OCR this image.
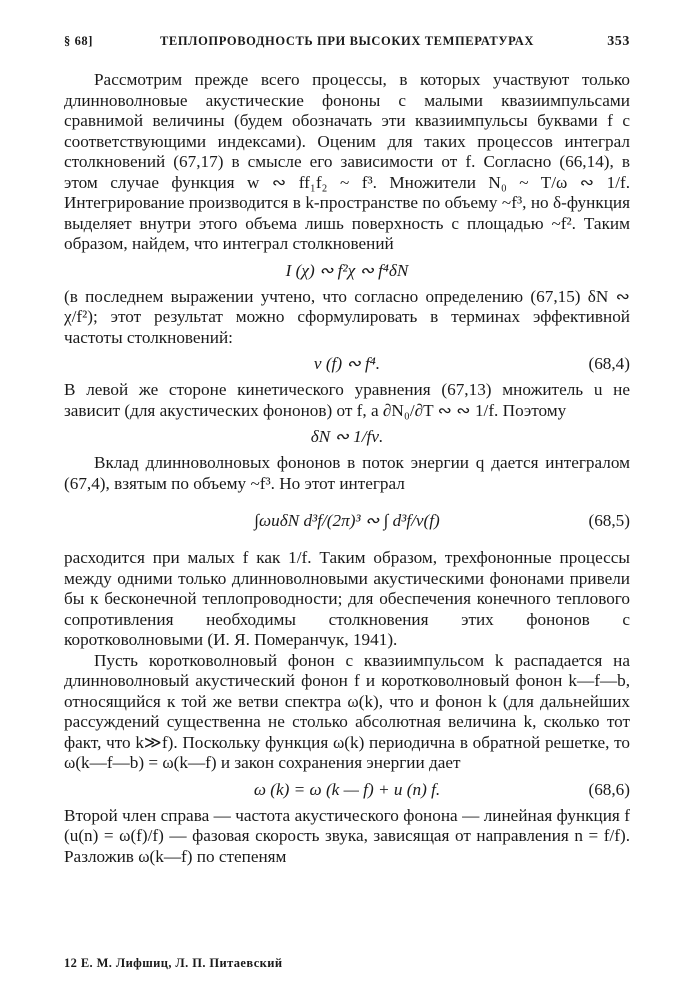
§ 68]	ТЕПЛОПРОВОДНОСТЬ ПРИ ВЫСОКИХ ТЕМПЕРАТУРАХ	353

Рассмотрим прежде всего процессы, в которых участвуют только длинноволновые акустические фононы с малыми квазиимпульсами сравнимой величины (будем обозначать эти квазиимпульсы буквами f с соответствующими индексами). Оценим для таких процессов интеграл столкновений (67,17) в смысле его зависимости от f. Согласно (66,14), в этом случае функция w ∾ ff₁f₂ ~ f³. Множители N₀ ~ T/ω ∾ 1/f. Интегрирование производится в k-пространстве по объему ~f³, но δ-функция выделяет внутри этого объема лишь поверхность с площадью ~f². Таким образом, найдем, что интеграл столкновений

I (χ) ∾ f²χ ∾ f⁴δN

(в последнем выражении учтено, что согласно определению (67,15) δN ∾ χ/f²); этот результат можно сформулировать в терминах эффективной частоты столкновений:

ν (f) ∾ f⁴.	(68,4)

В левой же стороне кинетического уравнения (67,13) множитель u не зависит (для акустических фононов) от f, а ∂N₀/∂T ∾ ∾ 1/f. Поэтому

δN ∾ 1/fν.

Вклад длинноволновых фононов в поток энергии q дается интегралом (67,4), взятым по объему ~f³. Но этот интеграл

∫ωuδN d³f/(2π)³ ∾ ∫ d³f/ν(f)	(68,5)

расходится при малых f как 1/f. Таким образом, трехфононные процессы между одними только длинноволновыми акустическими фононами привели бы к бесконечной теплопроводности; для обеспечения конечного теплового сопротивления необходимы столкновения этих фононов с коротковолновыми (И. Я. Померанчук, 1941).

Пусть коротковолновый фонон с квазиимпульсом k распадается на длинноволновый акустический фонон f и коротковолновый фонон k—f—b, относящийся к той же ветви спектра ω(k), что и фонон k (для дальнейших рассуждений существенна не столько абсолютная величина k, сколько тот факт, что k≫f). Поскольку функция ω(k) периодична в обратной решетке, то ω(k—f—b) = ω(k—f) и закон сохранения энергии дает

ω (k) = ω (k — f) + u (n) f.	(68,6)

Второй член справа — частота акустического фонона — линейная функция f (u(n) = ω(f)/f) — фазовая скорость звука, зависящая от направления n = f/f). Разложив ω(k—f) по степеням

12 Е. М. Лифшиц, Л. П. Питаевский
